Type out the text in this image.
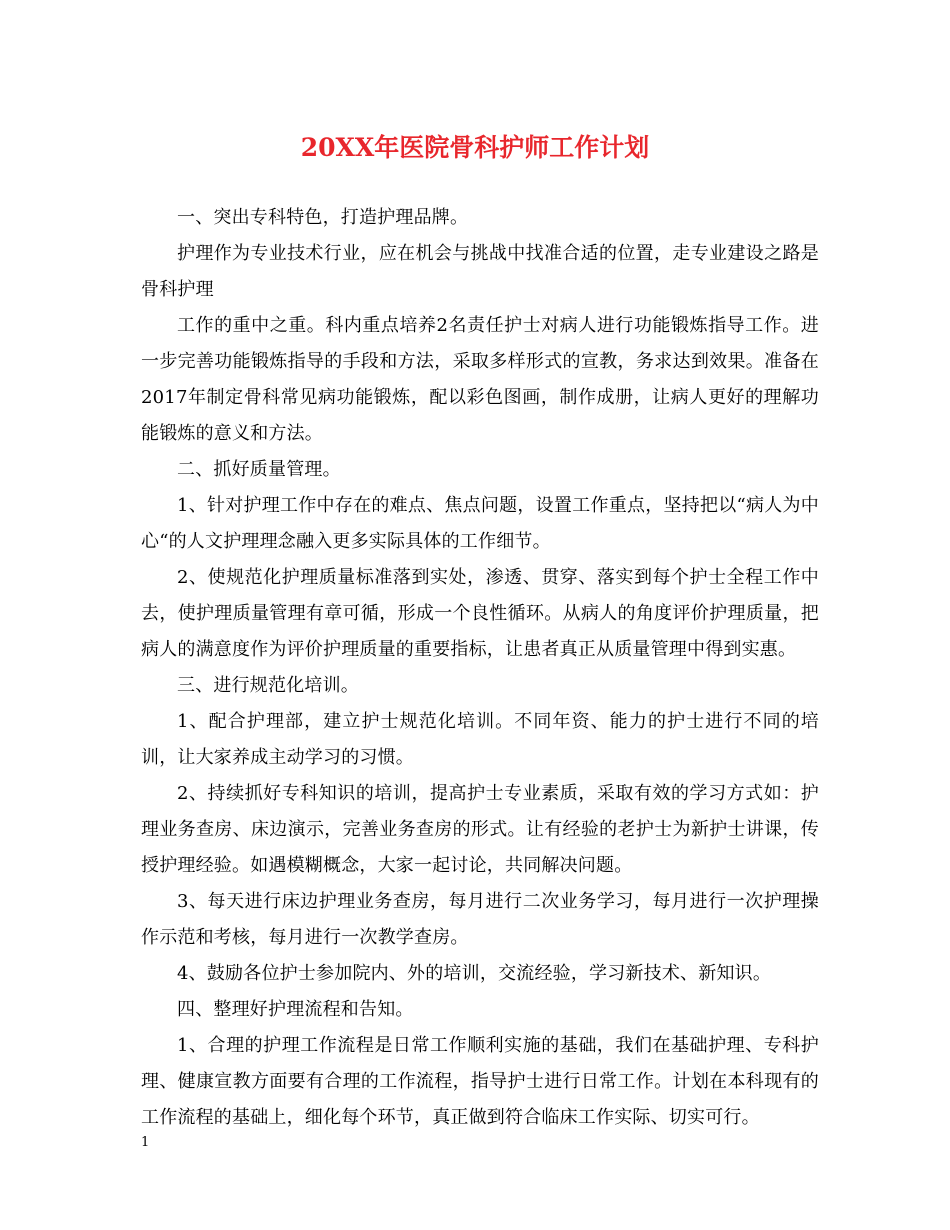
20XX年医院骨科护师工作计划

一、突出专科特色，打造护理品牌。

护理作为专业技术行业，应在机会与挑战中找准合适的位置，走专业建设之路是骨科护理

工作的重中之重。科内重点培养2名责任护士对病人进行功能锻炼指导工作。进一步完善功能锻炼指导的手段和方法，采取多样形式的宣教，务求达到效果。准备在2017年制定骨科常见病功能锻炼，配以彩色图画，制作成册，让病人更好的理解功能锻炼的意义和方法。

二、抓好质量管理。

1、针对护理工作中存在的难点、焦点问题，设置工作重点，坚持把以“病人为中心“的人文护理理念融入更多实际具体的工作细节。

2、使规范化护理质量标准落到实处，渗透、贯穿、落实到每个护士全程工作中去，使护理质量管理有章可循，形成一个良性循环。从病人的角度评价护理质量，把病人的满意度作为评价护理质量的重要指标，让患者真正从质量管理中得到实惠。

三、进行规范化培训。

1、配合护理部，建立护士规范化培训。不同年资、能力的护士进行不同的培训，让大家养成主动学习的习惯。

2、持续抓好专科知识的培训，提高护士专业素质，采取有效的学习方式如：护理业务查房、床边演示，完善业务查房的形式。让有经验的老护士为新护士讲课，传授护理经验。如遇模糊概念，大家一起讨论，共同解决问题。

3、每天进行床边护理业务查房，每月进行二次业务学习，每月进行一次护理操作示范和考核，每月进行一次教学查房。

4、鼓励各位护士参加院内、外的培训，交流经验，学习新技术、新知识。

四、整理好护理流程和告知。

1、合理的护理工作流程是日常工作顺利实施的基础，我们在基础护理、专科护理、健康宣教方面要有合理的工作流程，指导护士进行日常工作。计划在本科现有的工作流程的基础上，细化每个环节，真正做到符合临床工作实际、切实可行。

1
